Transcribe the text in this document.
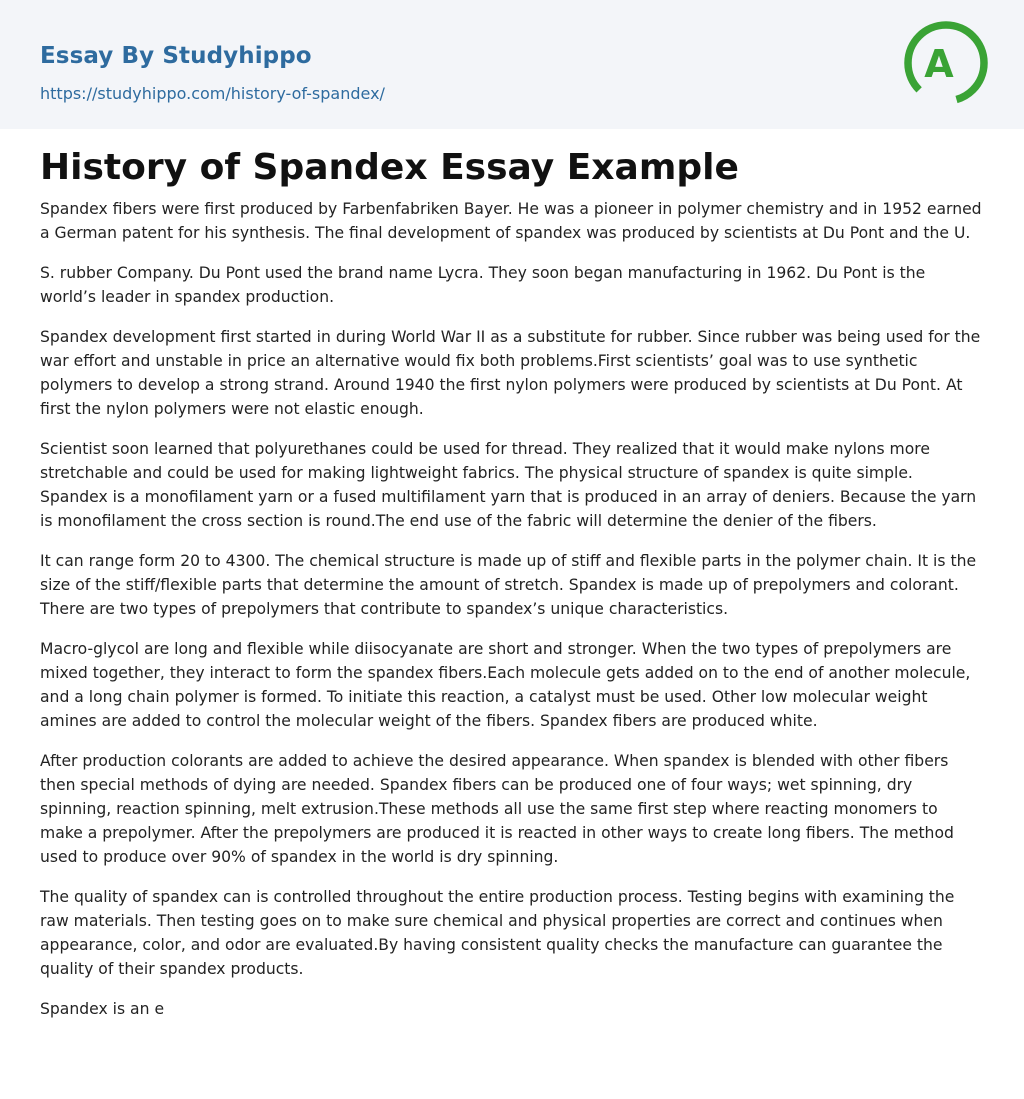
Essay By Studyhippo
https://studyhippo.com/history-of-spandex/
A
History of Spandex Essay Example

Spandex fibers were first produced by Farbenfabriken Bayer. He was a pioneer in polymer chemistry and in 1952 earned a German patent for his synthesis. The final development of spandex was produced by scientists at Du Pont and the U.

S. rubber Company. Du Pont used the brand name Lycra. They soon began manufacturing in 1962. Du Pont is the world’s leader in spandex production.

Spandex development first started in during World War II as a substitute for rubber. Since rubber was being used for the war effort and unstable in price an alternative would fix both problems.First scientists’ goal was to use synthetic polymers to develop a strong strand. Around 1940 the first nylon polymers were produced by scientists at Du Pont. At first the nylon polymers were not elastic enough.

Scientist soon learned that polyurethanes could be used for thread. They realized that it would make nylons more stretchable and could be used for making lightweight fabrics. The physical structure of spandex is quite simple. Spandex is a monofilament yarn or a fused multifilament yarn that is produced in an array of deniers. Because the yarn is monofilament the cross section is round.The end use of the fabric will determine the denier of the fibers.

It can range form 20 to 4300. The chemical structure is made up of stiff and flexible parts in the polymer chain. It is the size of the stiff/flexible parts that determine the amount of stretch. Spandex is made up of prepolymers and colorant. There are two types of prepolymers that contribute to spandex’s unique characteristics.

Macro-glycol are long and flexible while diisocyanate are short and stronger. When the two types of prepolymers are mixed together, they interact to form the spandex fibers.Each molecule gets added on to the end of another molecule, and a long chain polymer is formed. To initiate this reaction, a catalyst must be used. Other low molecular weight amines are added to control the molecular weight of the fibers. Spandex fibers are produced white.

After production colorants are added to achieve the desired appearance. When spandex is blended with other fibers then special methods of dying are needed. Spandex fibers can be produced one of four ways; wet spinning, dry spinning, reaction spinning, melt extrusion.These methods all use the same first step where reacting monomers to make a prepolymer. After the prepolymers are produced it is reacted in other ways to create long fibers. The method used to produce over 90% of spandex in the world is dry spinning.

The quality of spandex can is controlled throughout the entire production process. Testing begins with examining the raw materials. Then testing goes on to make sure chemical and physical properties are correct and continues when appearance, color, and odor are evaluated.By having consistent quality checks the manufacture can guarantee the quality of their spandex products.

Spandex is an e
